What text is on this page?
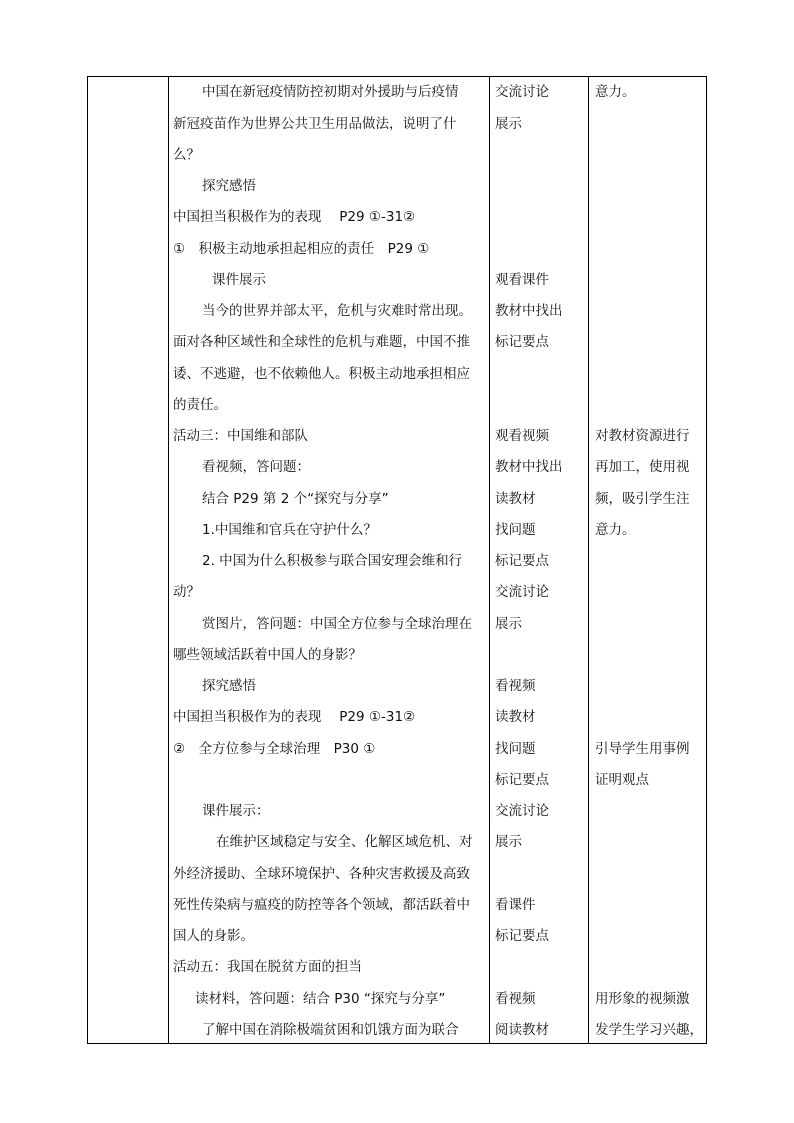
中国在新冠疫情防控初期对外援助与后疫情
新冠疫苗作为世界公共卫生用品做法，说明了什
么？
探究感悟
中国担当积极作为的表现　 P29 ①-31②
①　积极主动地承担起相应的责任　P29 ①
课件展示
当今的世界并部太平，危机与灾难时常出现。
面对各种区域性和全球性的危机与难题，中国不推
诿、不逃避，也不依赖他人。积极主动地承担相应
的责任。
活动三：中国维和部队
看视频，答问题：
结合 P29 第 2 个“探究与分享”
1.中国维和官兵在守护什么？
2. 中国为什么积极参与联合国安理会维和行
动？
赏图片，答问题：中国全方位参与全球治理在
哪些领域活跃着中国人的身影？
探究感悟
中国担当积极作为的表现　 P29 ①-31②
②　全方位参与全球治理　P30 ①
课件展示：
在维护区域稳定与安全、化解区域危机、对
外经济援助、全球环境保护、各种灾害救援及高致
死性传染病与瘟疫的防控等各个领域，都活跃着中
国人的身影。
活动五：我国在脱贫方面的担当
读材料，答问题：结合 P30 “探究与分享”
了解中国在消除极端贫困和饥饿方面为联合
交流讨论
展示
观看课件
教材中找出
标记要点
观看视频
教材中找出
读教材
找问题
标记要点
交流讨论
展示
看视频
读教材
找问题
标记要点
交流讨论
展示
看课件
标记要点
看视频
阅读教材
意力。
对教材资源进行
再加工，使用视
频，吸引学生注
意力。
引导学生用事例
证明观点
用形象的视频激
发学生学习兴趣，
